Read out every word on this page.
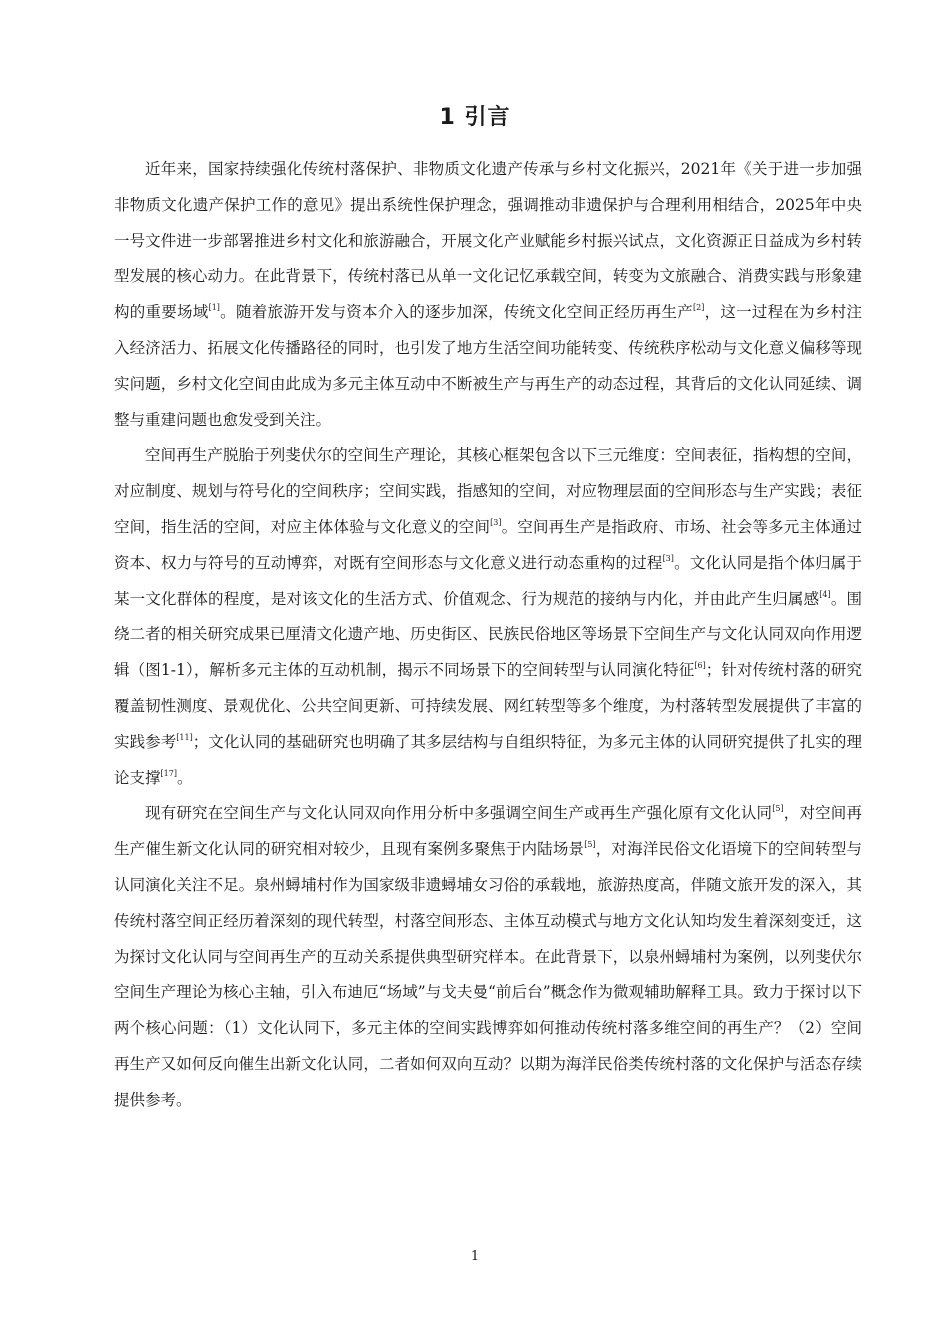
1 引言

近年来，国家持续强化传统村落保护、非物质文化遗产传承与乡村文化振兴，2021年《关于进一步加强非物质文化遗产保护工作的意见》提出系统性保护理念，强调推动非遗保护与合理利用相结合，2025年中央一号文件进一步部署推进乡村文化和旅游融合，开展文化产业赋能乡村振兴试点，文化资源正日益成为乡村转型发展的核心动力。在此背景下，传统村落已从单一文化记忆承载空间，转变为文旅融合、消费实践与形象建构的重要场域[1]。随着旅游开发与资本介入的逐步加深，传统文化空间正经历再生产[2]，这一过程在为乡村注入经济活力、拓展文化传播路径的同时，也引发了地方生活空间功能转变、传统秩序松动与文化意义偏移等现实问题，乡村文化空间由此成为多元主体互动中不断被生产与再生产的动态过程，其背后的文化认同延续、调整与重建问题也愈发受到关注。

空间再生产脱胎于列斐伏尔的空间生产理论，其核心框架包含以下三元维度：空间表征，指构想的空间，对应制度、规划与符号化的空间秩序；空间实践，指感知的空间，对应物理层面的空间形态与生产实践；表征空间，指生活的空间，对应主体体验与文化意义的空间[3]。空间再生产是指政府、市场、社会等多元主体通过资本、权力与符号的互动博弈，对既有空间形态与文化意义进行动态重构的过程[3]。文化认同是指个体归属于某一文化群体的程度，是对该文化的生活方式、价值观念、行为规范的接纳与内化，并由此产生归属感[4]。围绕二者的相关研究成果已厘清文化遗产地、历史街区、民族民俗地区等场景下空间生产与文化认同双向作用逻辑（图1-1），解析多元主体的互动机制，揭示不同场景下的空间转型与认同演化特征[6]；针对传统村落的研究覆盖韧性测度、景观优化、公共空间更新、可持续发展、网红转型等多个维度，为村落转型发展提供了丰富的实践参考[11]；文化认同的基础研究也明确了其多层结构与自组织特征，为多元主体的认同研究提供了扎实的理论支撑[17]。

现有研究在空间生产与文化认同双向作用分析中多强调空间生产或再生产强化原有文化认同[5]，对空间再生产催生新文化认同的研究相对较少，且现有案例多聚焦于内陆场景[5]，对海洋民俗文化语境下的空间转型与认同演化关注不足。泉州蟳埔村作为国家级非遗蟳埔女习俗的承载地，旅游热度高，伴随文旅开发的深入，其传统村落空间正经历着深刻的现代转型，村落空间形态、主体互动模式与地方文化认知均发生着深刻变迁，这为探讨文化认同与空间再生产的互动关系提供典型研究样本。在此背景下，以泉州蟳埔村为案例，以列斐伏尔空间生产理论为核心主轴，引入布迪厄“场域”与戈夫曼“前后台”概念作为微观辅助解释工具。致力于探讨以下两个核心问题：（1）文化认同下，多元主体的空间实践博弈如何推动传统村落多维空间的再生产？（2）空间再生产又如何反向催生出新文化认同，二者如何双向互动？以期为海洋民俗类传统村落的文化保护与活态存续提供参考。

1
